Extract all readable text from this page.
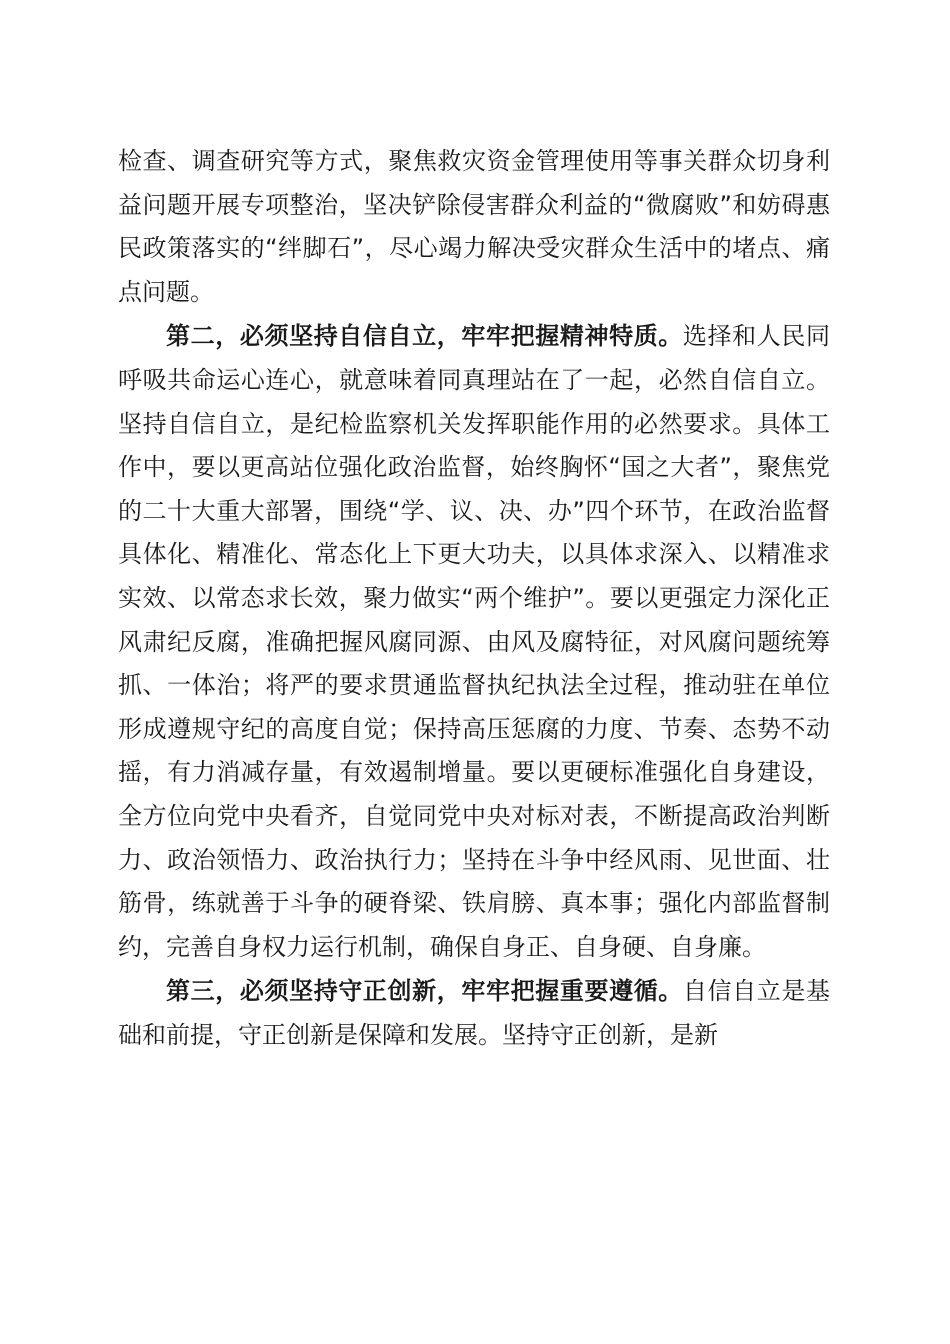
检查、调查研究等方式，聚焦救灾资金管理使用等事关群众切身利益问题开展专项整治，坚决铲除侵害群众利益的“微腐败”和妨碍惠民政策落实的“绊脚石”，尽心竭力解决受灾群众生活中的堵点、痛点问题。

第二，必须坚持自信自立，牢牢把握精神特质。选择和人民同呼吸共命运心连心，就意味着同真理站在了一起，必然自信自立。坚持自信自立，是纪检监察机关发挥职能作用的必然要求。具体工作中，要以更高站位强化政治监督，始终胸怀“国之大者”，聚焦党的二十大重大部署，围绕“学、议、决、办”四个环节，在政治监督具体化、精准化、常态化上下更大功夫，以具体求深入、以精准求实效、以常态求长效，聚力做实“两个维护”。要以更强定力深化正风肃纪反腐，准确把握风腐同源、由风及腐特征，对风腐问题统筹抓、一体治；将严的要求贯通监督执纪执法全过程，推动驻在单位形成遵规守纪的高度自觉；保持高压惩腐的力度、节奏、态势不动摇，有力消减存量，有效遏制增量。要以更硬标准强化自身建设，全方位向党中央看齐，自觉同党中央对标对表，不断提高政治判断力、政治领悟力、政治执行力；坚持在斗争中经风雨、见世面、壮筋骨，练就善于斗争的硬脊梁、铁肩膀、真本事；强化内部监督制约，完善自身权力运行机制，确保自身正、自身硬、自身廉。

第三，必须坚持守正创新，牢牢把握重要遵循。自信自立是基础和前提，守正创新是保障和发展。坚持守正创新，是新
